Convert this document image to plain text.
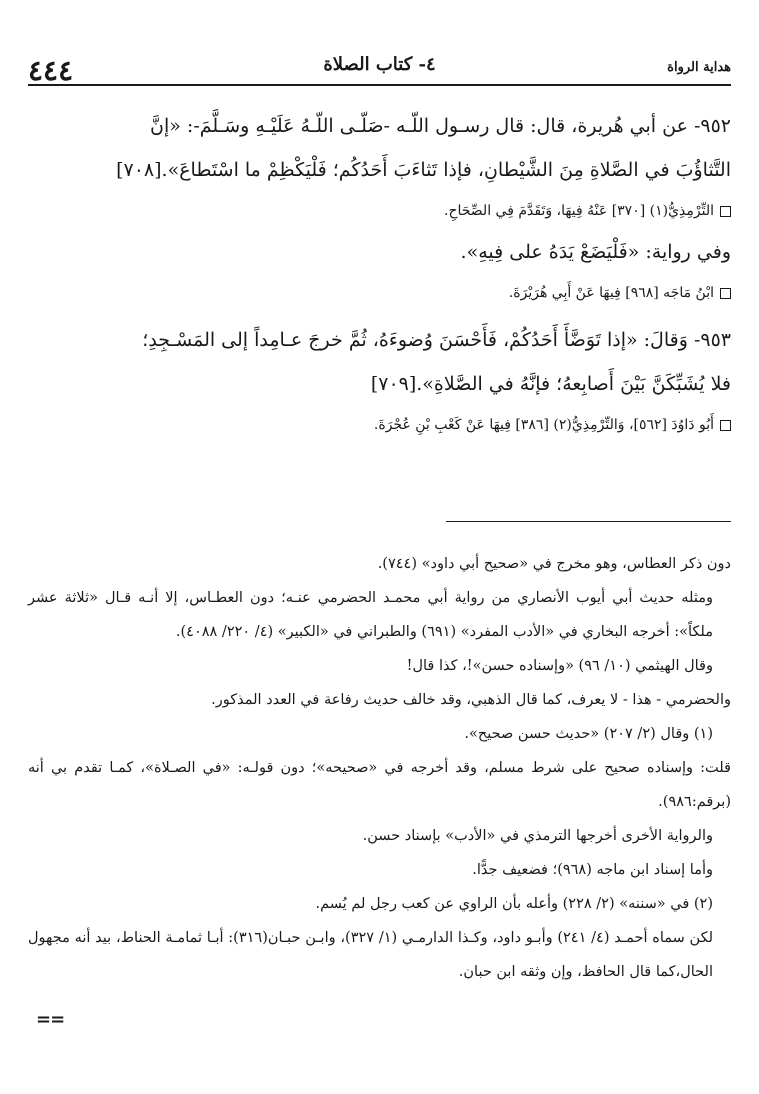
٤٤٤	٤- كتاب الصلاة	هداية الرواة

٩٥٢- عن أبي هُريرة، قال: قال رسـول اللّـه -صَلّـى اللّـهُ عَلَيْـهِ وسَـلَّمَ-: «إنَّ

التَّثاؤُبَ في الصَّلاةِ مِنَ الشَّيْطانِ، فإذا تَثاءَبَ أَحَدُكُم؛ فَلْيَكْظِمْ ما اسْتَطاعَ».[٧٠٨]

التِّرْمِذِيُّ(١) [٣٧٠] عَنْهُ فِيهَا، وَتَقَدَّمَ فِي الصِّحَاحِ.

وفي رواية: «فَلْيَضَعْ يَدَهُ على فِيهِ».

ابْنُ مَاجَه [٩٦٨] فِيهَا عَنْ أَبِي هُرَيْرَةَ.

٩٥٣- وَقالَ: «إذا تَوَضَّأَ أَحَدُكُمْ، فَأَحْسَنَ وُضوءَهُ، ثُمَّ خرجَ عـامِداً إلى المَسْـجِدِ؛

فلا يُشَبِّكَنَّ بَيْنَ أَصابِعهُ؛ فإنَّهُ في الصَّلاةِ».[٧٠٩]

أَبُو دَاوُدَ [٥٦٢]، وَالتِّرْمِذِيُّ(٢) [٣٨٦] فِيهَا عَنْ كَعْبِ بْنِ عُجْرَةَ.

دون ذكر العطاس، وهو مخرج في «صحيح أبي داود» (٧٤٤).

ومثله حديث أبي أيوب الأنصاري من رواية أبي محمـد الحضرمي عنـه؛ دون العطـاس، إلا أنـه قـال «ثلاثة عشر ملكاً»: أخرجه البخاري في «الأدب المفرد» (٦٩١) والطبراني في «الكبير» (٤/ ٢٢٠/ ٤٠٨٨).

وقال الهيثمي (١٠/ ٩٦) «وإسناده حسن»!، كذا قال!

والحضرمي - هذا - لا يعرف، كما قال الذهبي، وقد خالف حديث رفاعة في العدد المذكور.

(١) وقال (٢/ ٢٠٧) «حديث حسن صحيح».

قلت: وإسناده صحيح على شرط مسلم، وقد أخرجه في «صحيحه»؛ دون قولـه: «في الصـلاة»، كمـا تقدم بي أنه (برقم:٩٨٦).

والرواية الأخرى أخرجها الترمذي في «الأدب» بإسناد حسن.

وأما إسناد ابن ماجه (٩٦٨)؛ فضعيف جدًّا.

(٢) في «سننه» (٢/ ٢٢٨) وأعله بأن الراوي عن كعب رجل لم يُسم.

لكن سماه أحمـد (٤/ ٢٤١) وأبـو داود، وكـذا الدارمـي (١/ ٣٢٧)، وابـن حبـان(٣١٦): أبـا ثمامـة الحناط، بيد أنه مجهول الحال،كما قال الحافظ، وإن وثقه ابن حبان.

==
